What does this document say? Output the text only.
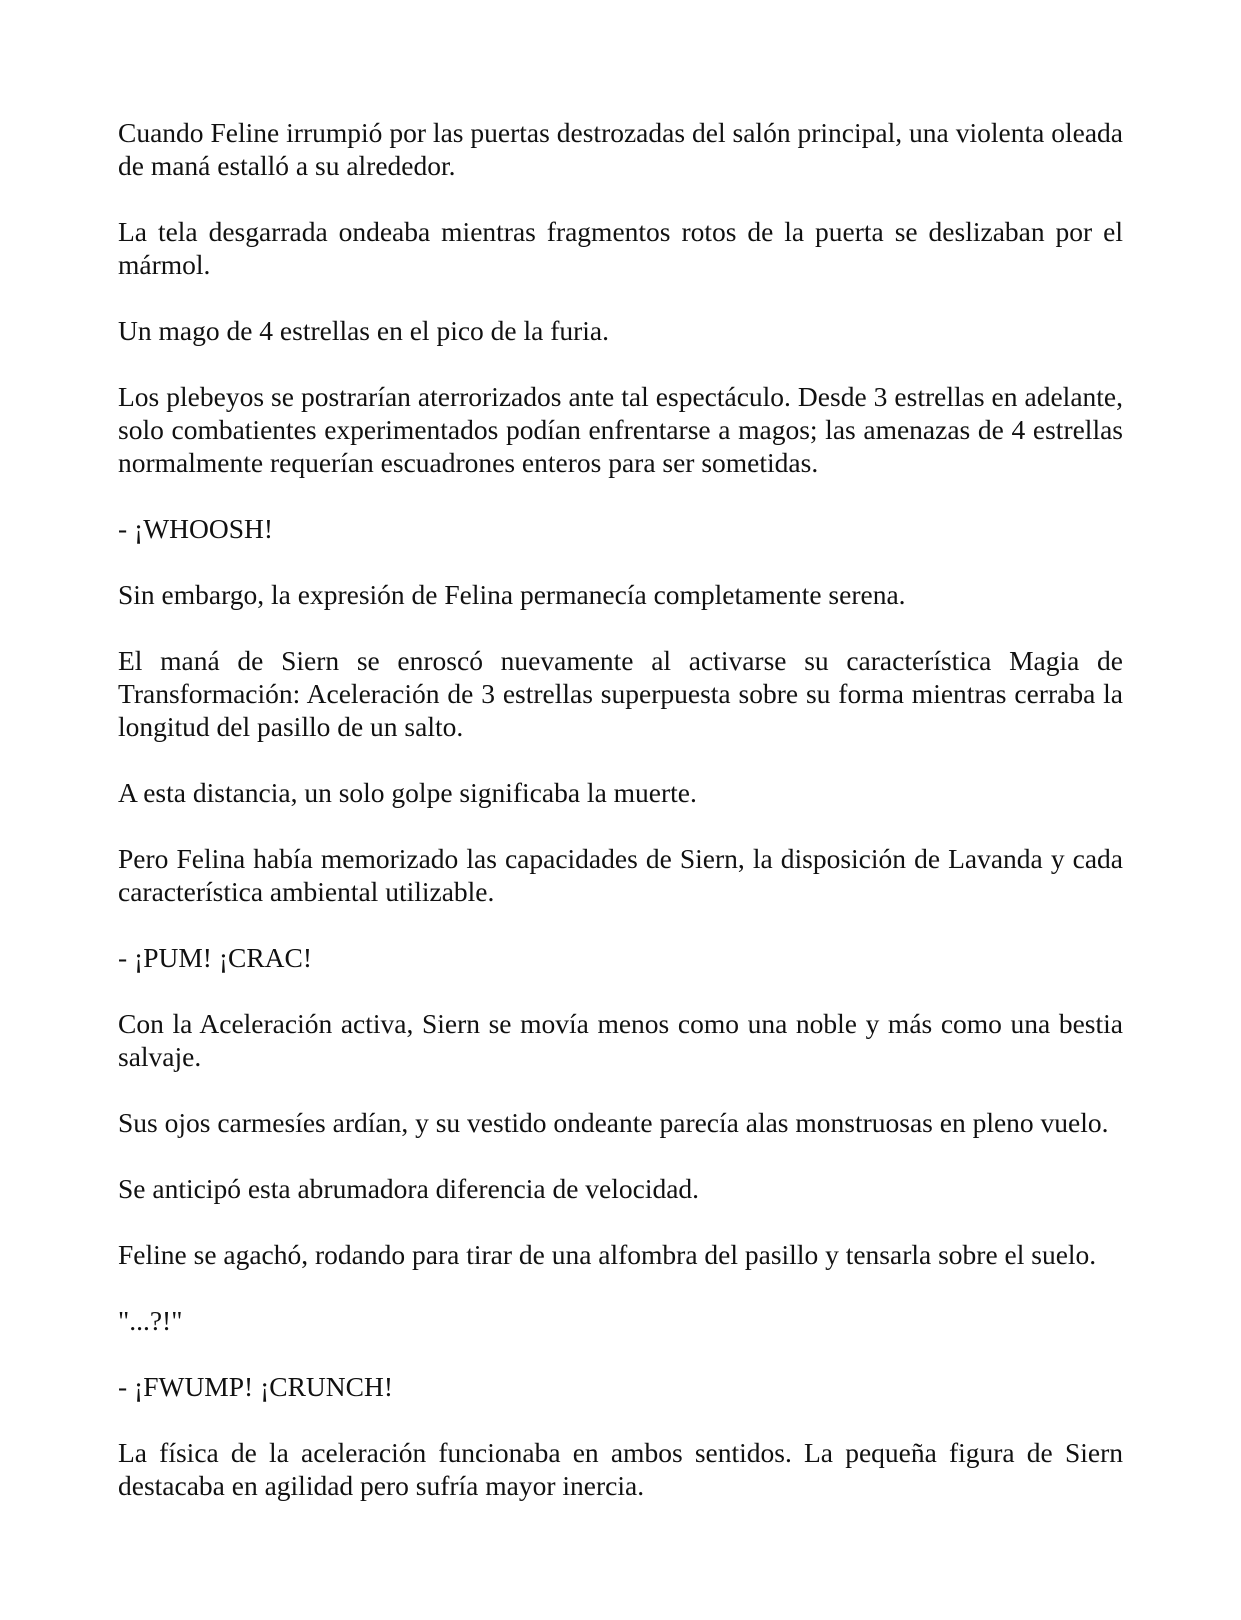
Cuando Feline irrumpió por las puertas destrozadas del salón principal, una violenta oleada de maná estalló a su alrededor.

La tela desgarrada ondeaba mientras fragmentos rotos de la puerta se deslizaban por el mármol.

Un mago de 4 estrellas en el pico de la furia.

Los plebeyos se postrarían aterrorizados ante tal espectáculo. Desde 3 estrellas en adelante, solo combatientes experimentados podían enfrentarse a magos; las amenazas de 4 estrellas normalmente requerían escuadrones enteros para ser sometidas.

- ¡WHOOSH!

Sin embargo, la expresión de Felina permanecía completamente serena.

El maná de Siern se enroscó nuevamente al activarse su característica Magia de Transformación: Aceleración de 3 estrellas superpuesta sobre su forma mientras cerraba la longitud del pasillo de un salto.

A esta distancia, un solo golpe significaba la muerte.

Pero Felina había memorizado las capacidades de Siern, la disposición de Lavanda y cada característica ambiental utilizable.

- ¡PUM! ¡CRAC!

Con la Aceleración activa, Siern se movía menos como una noble y más como una bestia salvaje.

Sus ojos carmesíes ardían, y su vestido ondeante parecía alas monstruosas en pleno vuelo.

Se anticipó esta abrumadora diferencia de velocidad.

Feline se agachó, rodando para tirar de una alfombra del pasillo y tensarla sobre el suelo.

"...?!"

- ¡FWUMP! ¡CRUNCH!

La física de la aceleración funcionaba en ambos sentidos. La pequeña figura de Siern destacaba en agilidad pero sufría mayor inercia.
